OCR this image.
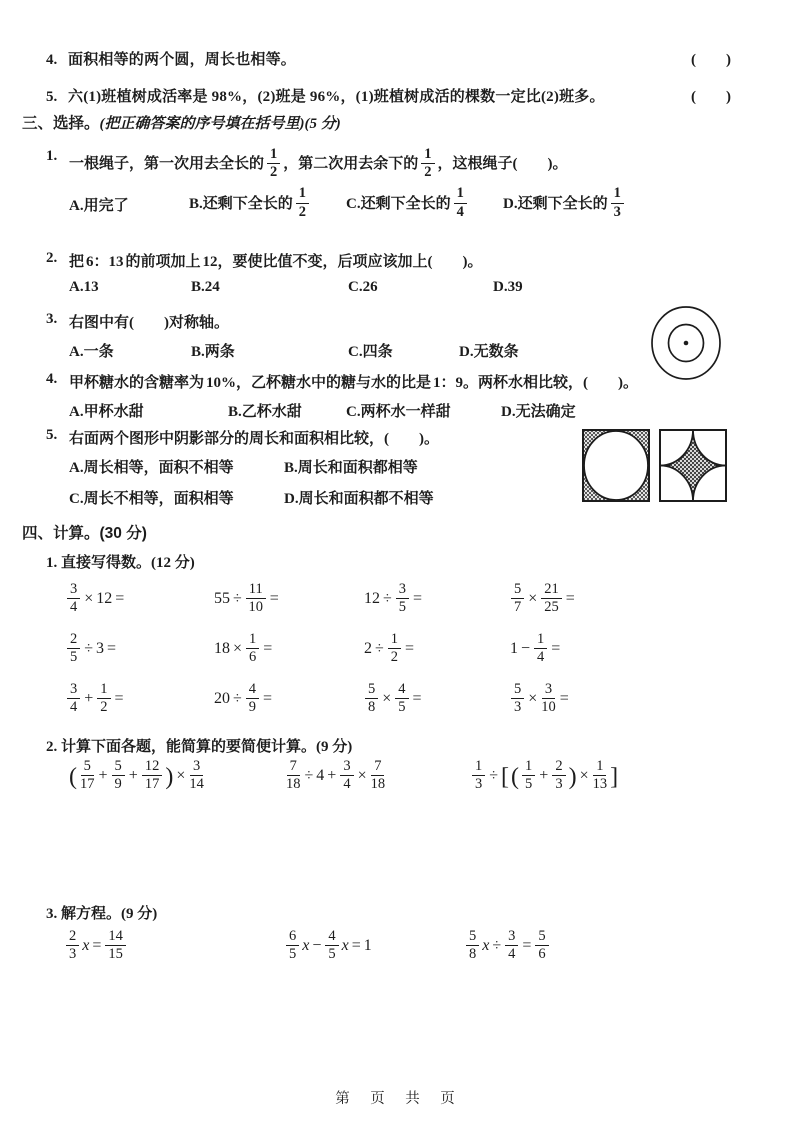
4. 面积相等的两个圆，周长也相等。	(　　)
5. 六(1)班植树成活率是 98%，(2)班是 96%，(1)班植树成活的棵数一定比(2)班多。	(　　)
三、选择。(把正确答案的序号填在括号里)(5 分)
1.
一根绳子，第一次用去全长的 $\frac{1}{2}$ ，第二次用去余下的 $\frac{1}{2}$ ，这根绳子(　　)。
A.用完了	B.还剩下全长的 $\frac{1}{2} C$.还剩下全长的 $\frac{1}{4} D$.还剩下全长的 $\frac{1}{3}$
2. 把 6：13 的前项加上 12，要使比值不变，后项应该加上(　　)。
A.13	B.24	C.26	D.39
3. 右图中有(　　)对称轴。
A.一条	B.两条	C.四条	D.无数条
4. 甲杯糖水的含糖率为 10%，乙杯糖水中的糖与水的比是 1：9。两杯水相比较，(　　)。
A.甲杯水甜	B.乙杯水甜	C.两杯水一样甜	D.无法确定
5. 右面两个图形中阴影部分的周长和面积相比较，(　　)。
A.周长相等，面积不相等	B.周长和面积都相等
C.周长不相等，面积相等	D.周长和面积都不相等
四、计算。(30 分)
1. 直接写得数。(12 分)
$\frac{3}{4} \times 12$ =	$55 \div \frac{11}{10}$ =	$12 \div \frac{3}{5}$ =	$\frac{5}{7} \times \frac{21}{25}$ =
$\frac{2}{5} \div 3$ =	$18 \times \frac{1}{6}$ =	$2 \div \frac{1}{2}$ =	$1 - \frac{1}{4}$ =
$\frac{3}{4} + \frac{1}{2}$ =	$20 \div \frac{4}{9}$ =	$\frac{5}{8} \times \frac{4}{5}$ =	$\frac{5}{3} \times \frac{3}{10}$ =
2. 计算下面各题，能简算的要简便计算。(9 分)
( $\frac{5}{17} + \frac{5}{9} + \frac{12}{17}$ ) × $\frac{3}{14}$	$\frac{7}{18} \div 4 + \frac{3}{4} \times \frac{7}{18}$	$\frac{1}{3}$ ÷ [( $\frac{1}{5} + \frac{2}{3}$ ) × $\frac{1}{13}$ ]
3. 解方程。(9 分)
$\frac{2}{3}$ $x = \frac{14}{15}$	$\frac{6}{5}$ $x - \frac{4}{5}$ x = 1	$\frac{5}{8}$ $x \div \frac{3}{4} = \frac{5}{6}$
第　页　共　页
